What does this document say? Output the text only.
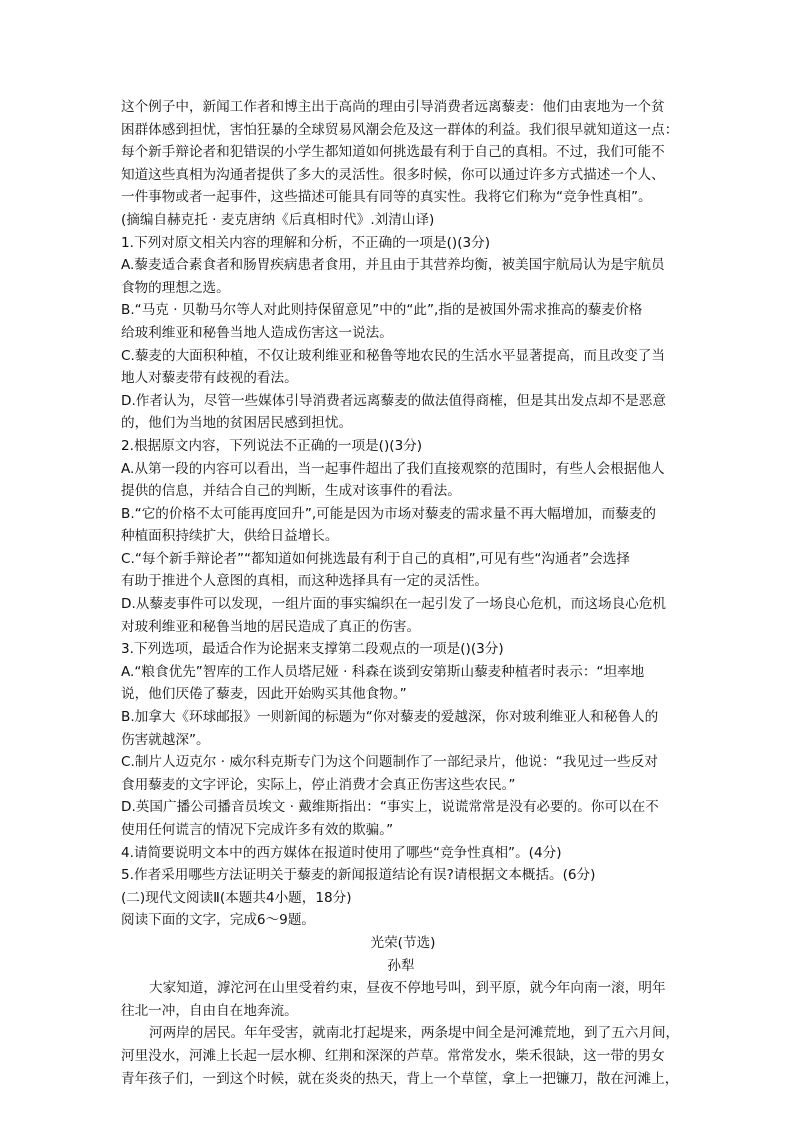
这个例子中，新闻工作者和博主出于高尚的理由引导消费者远离藜麦：他们由衷地为一个贫
困群体感到担忧，害怕狂暴的全球贸易风潮会危及这一群体的利益。我们很早就知道这一点：
每个新手辩论者和犯错误的小学生都知道如何挑选最有利于自己的真相。不过，我们可能不
知道这些真相为沟通者提供了多大的灵活性。很多时候，你可以通过许多方式描述一个人、
一件事物或者一起事件，这些描述可能具有同等的真实性。我将它们称为“竞争性真相”。
(摘编自赫克托 · 麦克唐纳《后真相时代》.刘清山译)
1.下列对原文相关内容的理解和分析，不正确的一项是()(3分)
A.藜麦适合素食者和肠胃疾病患者食用，并且由于其营养均衡，被美国宇航局认为是宇航员
食物的理想之选。
B.“马克 · 贝勒马尔等人对此则持保留意见”中的“此”,指的是被国外需求推高的藜麦价格
给玻利维亚和秘鲁当地人造成伤害这一说法。
C.藜麦的大面积种植，不仅让玻利维亚和秘鲁等地农民的生活水平显著提高，而且改变了当
地人对藜麦带有歧视的看法。
D.作者认为，尽管一些媒体引导消费者远离藜麦的做法值得商榷，但是其出发点却不是恶意
的，他们为当地的贫困居民感到担忧。
2.根据原文内容，下列说法不正确的一项是()(3分)
A.从第一段的内容可以看出，当一起事件超出了我们直接观察的范围时，有些人会根据他人
提供的信息，并结合自己的判断，生成对该事件的看法。
B.“它的价格不太可能再度回升”,可能是因为市场对藜麦的需求量不再大幅增加，而藜麦的
种植面积持续扩大，供给日益增长。
C.“每个新手辩论者”“都知道如何挑选最有利于自己的真相”,可见有些“沟通者”会选择
有助于推进个人意图的真相，而这种选择具有一定的灵活性。
D.从藜麦事件可以发现，一组片面的事实编织在一起引发了一场良心危机，而这场良心危机
对玻利维亚和秘鲁当地的居民造成了真正的伤害。
3.下列选项，最适合作为论据来支撑第二段观点的一项是()(3分)
A.“粮食优先”智库的工作人员塔尼娅 · 科森在谈到安第斯山藜麦种植者时表示：“坦率地
说，他们厌倦了藜麦，因此开始购买其他食物。”
B.加拿大《环球邮报》一则新闻的标题为“你对藜麦的爱越深，你对玻利维亚人和秘鲁人的
伤害就越深”。
C.制片人迈克尔 · 威尔科克斯专门为这个问题制作了一部纪录片，他说：“我见过一些反对
食用藜麦的文字评论，实际上，停止消费才会真正伤害这些农民。”
D.英国广播公司播音员埃文 · 戴维斯指出：“事实上，说谎常常是没有必要的。你可以在不
使用任何谎言的情况下完成许多有效的欺骗。”
4.请简要说明文本中的西方媒体在报道时使用了哪些“竞争性真相”。(4分)
5.作者采用哪些方法证明关于藜麦的新闻报道结论有误?请根据文本概括。(6分)
(二)现代文阅读Ⅱ(本题共4小题，18分)
阅读下面的文字，完成6～9题。
光荣(节选)
孙犁
大家知道，滹沱河在山里受着约束，昼夜不停地号叫，到平原，就今年向南一滚，明年
往北一冲，自由自在地奔流。
河两岸的居民。年年受害，就南北打起堤来，两条堤中间全是河滩荒地，到了五六月间，
河里没水，河滩上长起一层水柳、红荆和深深的芦草。常常发水，柴禾很缺，这一带的男女
青年孩子们，一到这个时候，就在炎炎的热天，背上一个草筐，拿上一把镰刀，散在河滩上，
